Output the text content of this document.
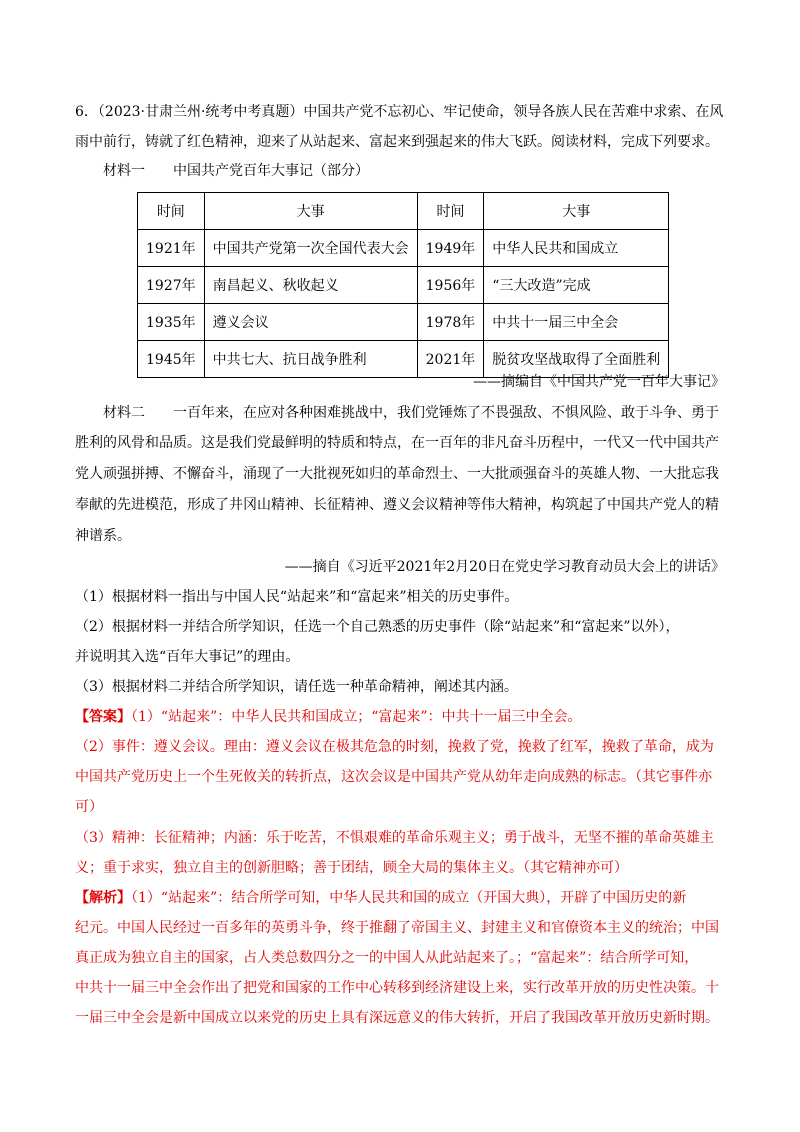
6．（2023·甘肃兰州·统考中考真题）中国共产党不忘初心、牢记使命，领导各族人民在苦难中求索、在风
雨中前行，铸就了红色精神，迎来了从站起来、富起来到强起来的伟大飞跃。阅读材料，完成下列要求。
材料一　　中国共产党百年大事记（部分）
时间	大事	时间	大事
1921年	中国共产党第一次全国代表大会	1949年	中华人民共和国成立
1927年	南昌起义、秋收起义	1956年	“三大改造”完成
1935年	遵义会议	1978年	中共十一届三中全会
1945年	中共七大、抗日战争胜利	2021年	脱贫攻坚战取得了全面胜利
——摘编自《中国共产党一百年大事记》
材料二　　一百年来，在应对各种困难挑战中，我们党锤炼了不畏强敌、不惧风险、敢于斗争、勇于
胜利的风骨和品质。这是我们党最鲜明的特质和特点，在一百年的非凡奋斗历程中，一代又一代中国共产
党人顽强拼搏、不懈奋斗，涌现了一大批视死如归的革命烈士、一大批顽强奋斗的英雄人物、一大批忘我
奉献的先进模范，形成了井冈山精神、长征精神、遵义会议精神等伟大精神，构筑起了中国共产党人的精
神谱系。
——摘自《习近平2021年2月20日在党史学习教育动员大会上的讲话》
（1）根据材料一指出与中国人民“站起来”和“富起来”相关的历史事件。
（2）根据材料一并结合所学知识，任选一个自己熟悉的历史事件（除“站起来”和“富起来”以外），
并说明其入选“百年大事记”的理由。
（3）根据材料二并结合所学知识，请任选一种革命精神，阐述其内涵。
【答案】（1）“站起来”：中华人民共和国成立；“富起来”：中共十一届三中全会。
（2）事件：遵义会议。理由：遵义会议在极其危急的时刻，挽救了党，挽救了红军，挽救了革命，成为
中国共产党历史上一个生死攸关的转折点，这次会议是中国共产党从幼年走向成熟的标志。（其它事件亦
可）
（3）精神：长征精神；内涵：乐于吃苦，不惧艰难的革命乐观主义；勇于战斗，无坚不摧的革命英雄主
义；重于求实，独立自主的创新胆略；善于团结，顾全大局的集体主义。（其它精神亦可）
【解析】（1）“站起来”：结合所学可知，中华人民共和国的成立（开国大典），开辟了中国历史的新
纪元。中国人民经过一百多年的英勇斗争，终于推翻了帝国主义、封建主义和官僚资本主义的统治；中国
真正成为独立自主的国家，占人类总数四分之一的中国人从此站起来了。；“富起来”：结合所学可知，
中共十一届三中全会作出了把党和国家的工作中心转移到经济建设上来，实行改革开放的历史性决策。十
一届三中全会是新中国成立以来党的历史上具有深远意义的伟大转折，开启了我国改革开放历史新时期。
